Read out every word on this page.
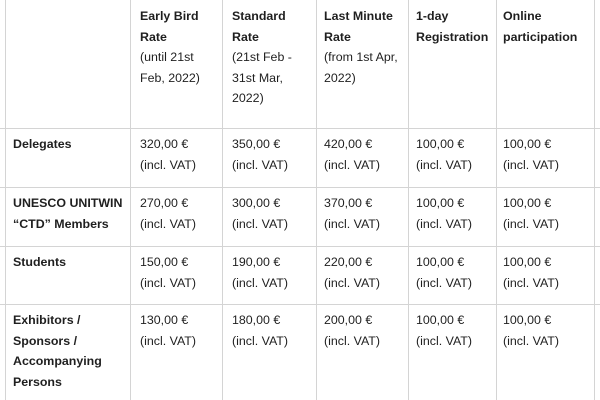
Early Bird Rate
(until 21st Feb, 2022)
Standard Rate
(21st Feb - 31st Mar, 2022)
Last Minute Rate
(from 1st Apr, 2022)
1-day Registration
Online participation
Delegates	320,00 €
(incl. VAT)
350,00 €
(incl. VAT)
420,00 €
(incl. VAT)
100,00 €
(incl. VAT)
100,00 €
(incl. VAT)
UNESCO UNITWIN “CTD” Members
270,00 €
(incl. VAT)
300,00 €
(incl. VAT)
370,00 €
(incl. VAT)
100,00 €
(incl. VAT)
100,00 €
(incl. VAT)
Students	150,00 €
(incl. VAT)
190,00 €
(incl. VAT)
220,00 €
(incl. VAT)
100,00 €
(incl. VAT)
100,00 €
(incl. VAT)
Exhibitors / Sponsors / Accompanying Persons
130,00 €
(incl. VAT)
180,00 €
(incl. VAT)
200,00 €
(incl. VAT)
100,00 €
(incl. VAT)
100,00 €
(incl. VAT)
